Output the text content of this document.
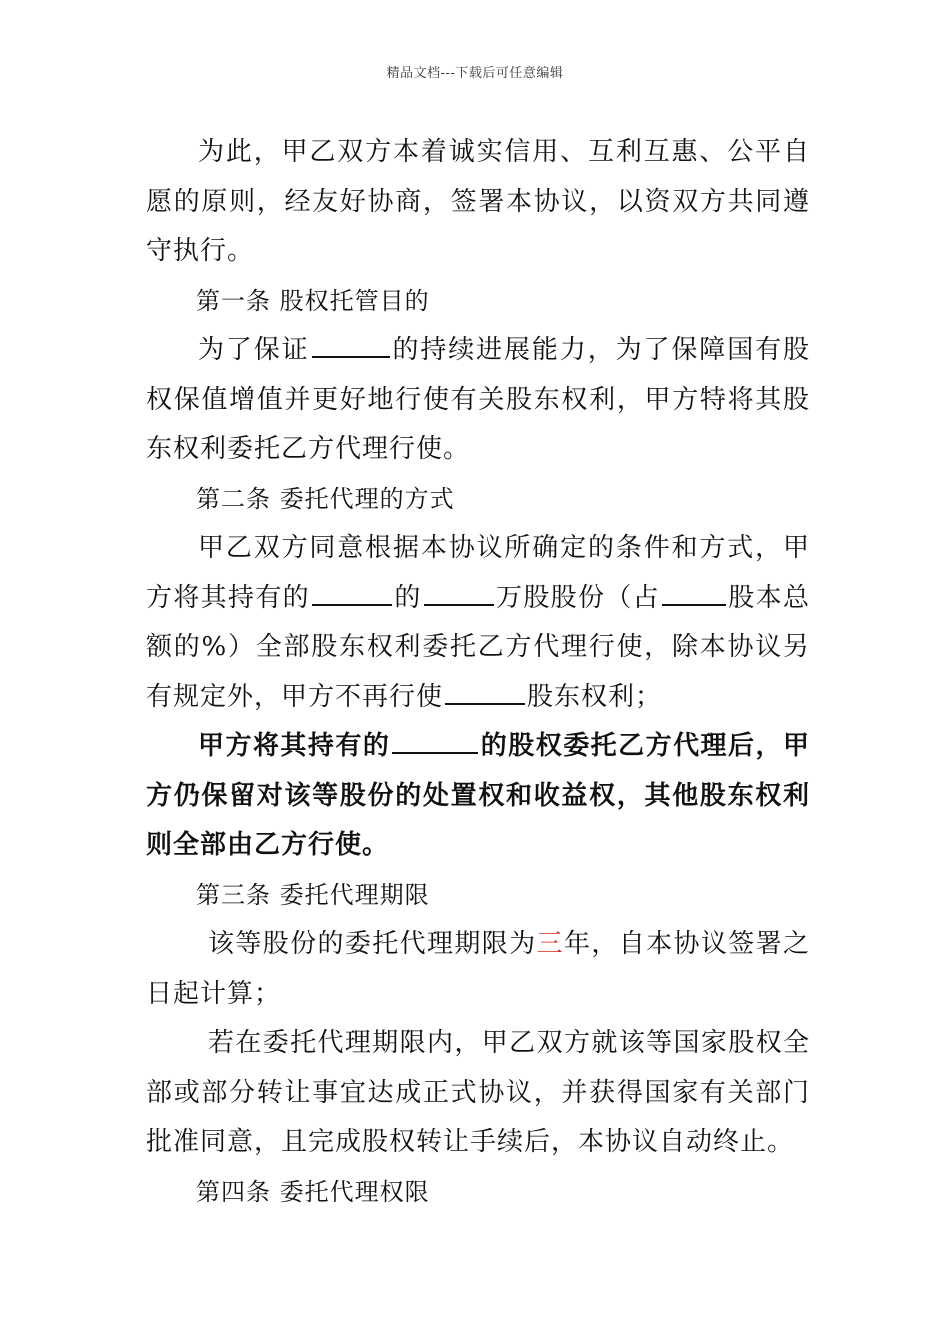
精品文档---下载后可任意编辑

为此，甲乙双方本着诚实信用、互利互惠、公平自愿的原则，经友好协商，签署本协议，以资双方共同遵守执行。

第一条 股权托管目的

为了保证	的持续进展能力，为了保障国有股权保值增值并更好地行使有关股东权利，甲方特将其股东权利委托乙方代理行使。

第二条 委托代理的方式

甲乙双方同意根据本协议所确定的条件和方式，甲方将其持有的	的	万股股份（占	股本总额的%）全部股东权利委托乙方代理行使，除本协议另有规定外，甲方不再行使	股东权利；

甲方将其持有的	的股权委托乙方代理后，甲方仍保留对该等股份的处置权和收益权，其他股东权利则全部由乙方行使。

第三条 委托代理期限

该等股份的委托代理期限为三年，自本协议签署之日起计算；

若在委托代理期限内，甲乙双方就该等国家股权全部或部分转让事宜达成正式协议，并获得国家有关部门批准同意，且完成股权转让手续后，本协议自动终止。

第四条 委托代理权限
